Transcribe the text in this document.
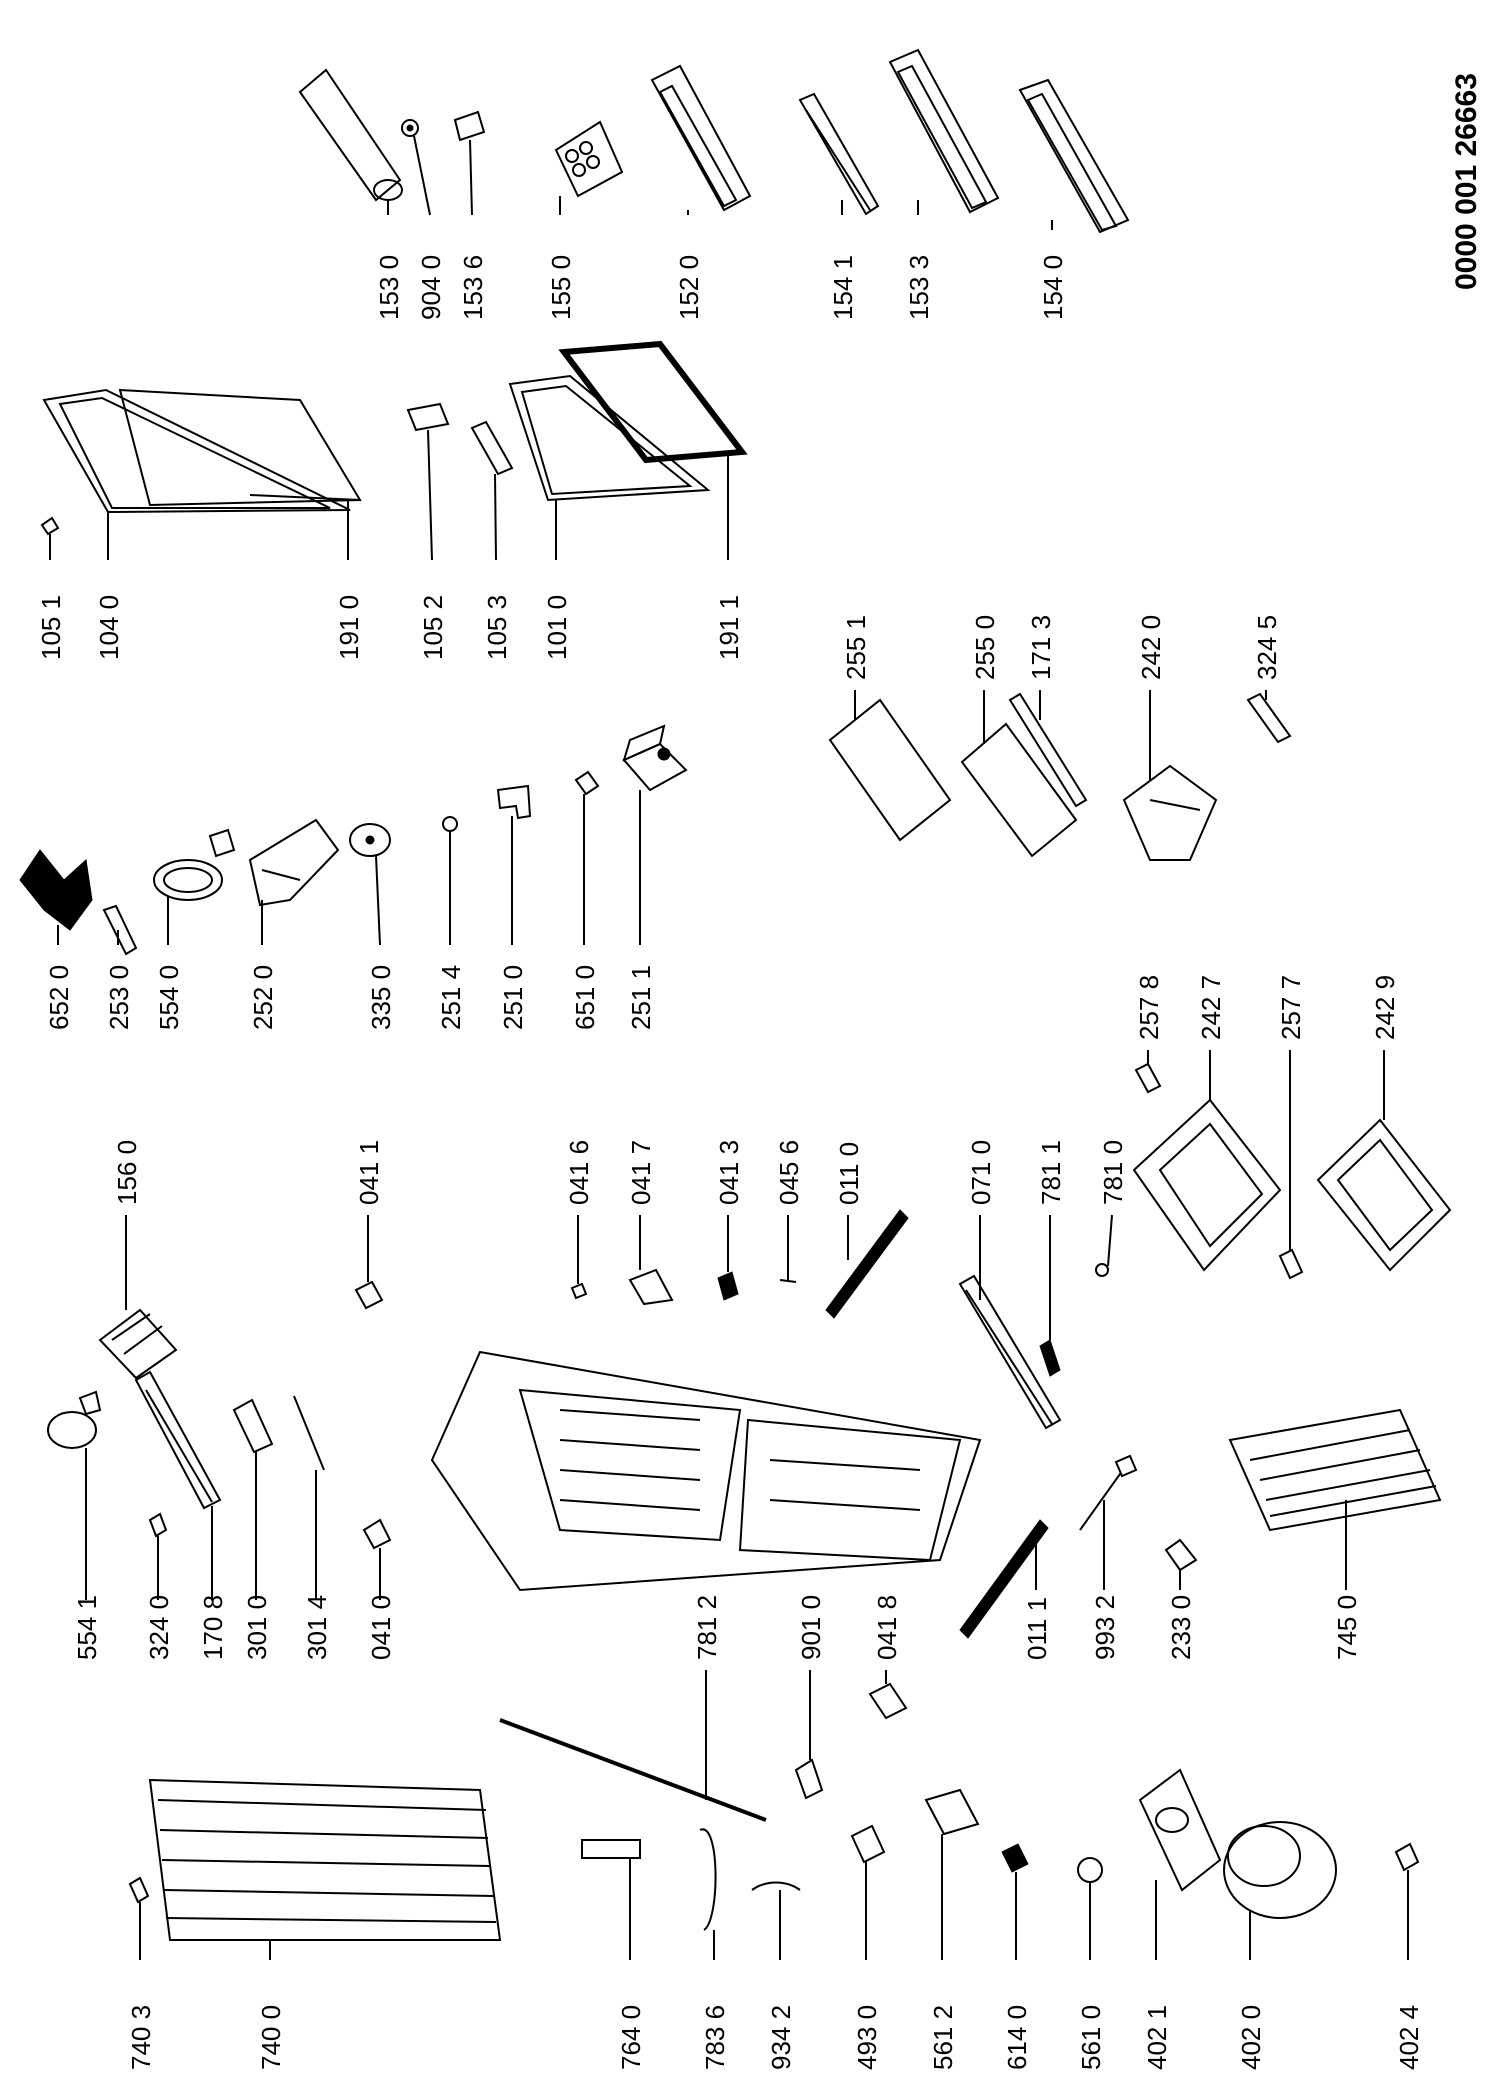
0000 001 26663
153 0 904 0 153 6 155 0	152 0	154 1 153 3	154 0
105 1 104 0	191 0 105 2 105 3 101 0	191 1
652 0 253 0 554 0 252 0	335 0 251 4 251 0 651 0 251 1
255 1	255 0 171 3	242 0	324 5
156 0	041 1	041 6 041 7 041 3 045 6 011 0	071 0 781 1 781 0
257 8 242 7 257 7 242 9
554 1 324 0 170 8 301 0 301 4 041 0	781 2	901 0 041 8	011 1 993 2 233 0	745 0
740 3	740 0	764 0 783 6 934 2 493 0 561 2 614 0 561 0 402 1 402 0	402 4
